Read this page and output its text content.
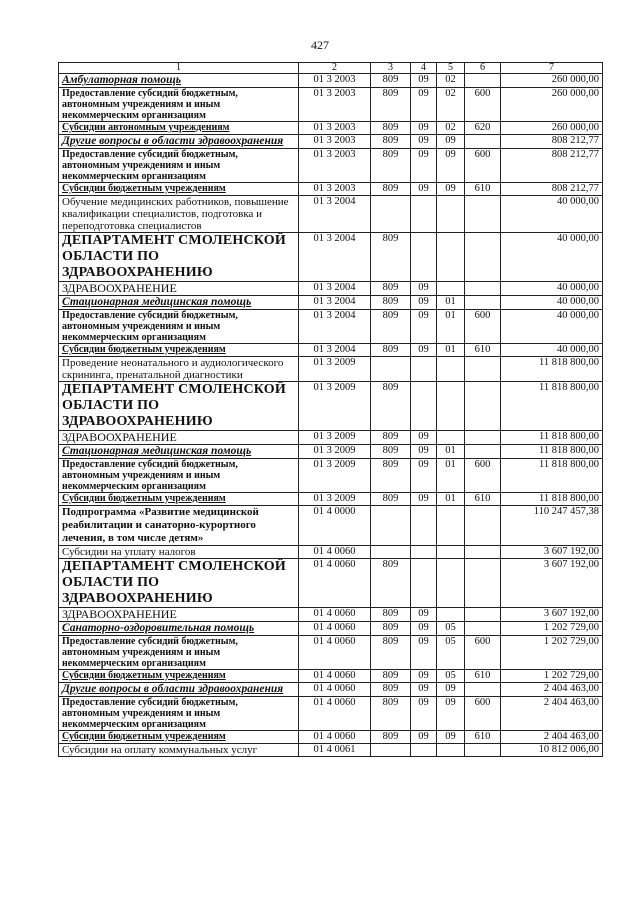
427
1	2	3	4	5	6	7
Амбулаторная помощь	01 3 2003	809	09	02		260 000,00
Предоставление субсидий бюджетным, автономным учреждениям и иным некоммерческим организациям	01 3 2003	809	09	02	600	260 000,00
Субсидии автономным учреждениям	01 3 2003	809	09	02	620	260 000,00
Другие вопросы в области здравоохранения	01 3 2003	809	09	09		808 212,77
Предоставление субсидий бюджетным, автономным учреждениям и иным некоммерческим организациям	01 3 2003	809	09	09	600	808 212,77
Субсидии бюджетным учреждениям	01 3 2003	809	09	09	610	808 212,77
Обучение медицинских работников, повышение квалификации специалистов, подготовка и переподготовка специалистов	01 3 2004					40 000,00
ДЕПАРТАМЕНТ СМОЛЕНСКОЙ ОБЛАСТИ ПО ЗДРАВООХРАНЕНИЮ	01 3 2004	809				40 000,00
ЗДРАВООХРАНЕНИЕ	01 3 2004	809	09			40 000,00
Стационарная медицинская помощь	01 3 2004	809	09	01		40 000,00
Предоставление субсидий бюджетным, автономным учреждениям и иным некоммерческим организациям	01 3 2004	809	09	01	600	40 000,00
Субсидии бюджетным учреждениям	01 3 2004	809	09	01	610	40 000,00
Проведение неонатального и аудиологического скрининга, пренатальной диагностики	01 3 2009					11 818 800,00
ДЕПАРТАМЕНТ СМОЛЕНСКОЙ ОБЛАСТИ ПО ЗДРАВООХРАНЕНИЮ	01 3 2009	809				11 818 800,00
ЗДРАВООХРАНЕНИЕ	01 3 2009	809	09			11 818 800,00
Стационарная медицинская помощь	01 3 2009	809	09	01		11 818 800,00
Предоставление субсидий бюджетным, автономным учреждениям и иным некоммерческим организациям	01 3 2009	809	09	01	600	11 818 800,00
Субсидии бюджетным учреждениям	01 3 2009	809	09	01	610	11 818 800,00
Подпрограмма «Развитие медицинской реабилитации и санаторно-курортного лечения, в том числе детям»	01 4 0000					110 247 457,38
Субсидии на уплату налогов	01 4 0060					3 607 192,00
ДЕПАРТАМЕНТ СМОЛЕНСКОЙ ОБЛАСТИ ПО ЗДРАВООХРАНЕНИЮ	01 4 0060	809				3 607 192,00
ЗДРАВООХРАНЕНИЕ	01 4 0060	809	09			3 607 192,00
Санаторно-оздоровительная помощь	01 4 0060	809	09	05		1 202 729,00
Предоставление субсидий бюджетным, автономным учреждениям и иным некоммерческим организациям	01 4 0060	809	09	05	600	1 202 729,00
Субсидии бюджетным учреждениям	01 4 0060	809	09	05	610	1 202 729,00
Другие вопросы в области здравоохранения	01 4 0060	809	09	09		2 404 463,00
Предоставление субсидий бюджетным, автономным учреждениям и иным некоммерческим организациям	01 4 0060	809	09	09	600	2 404 463,00
Субсидии бюджетным учреждениям	01 4 0060	809	09	09	610	2 404 463,00
Субсидии на оплату коммунальных услуг	01 4 0061					10 812 006,00
